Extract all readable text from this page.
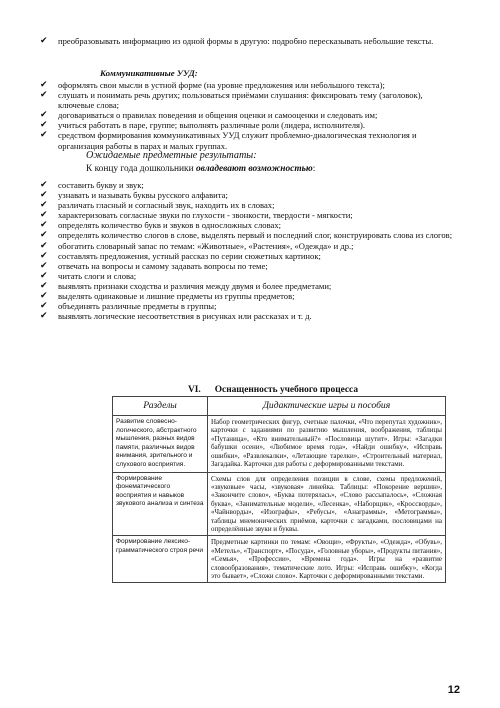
✔ преобразовывать информацию из одной формы в другую: подробно пересказывать небольшие тексты.
Коммуникативные УУД:
✔ оформлять свои мысли в устной форме (на уровне предложения или небольшого текста);
✔ слушать и понимать речь других; пользоваться приёмами слушания: фиксировать тему (заголовок), ключевые слова;
✔ договариваться о правилах поведения и общения оценки и самооценки и следовать им;
✔ учиться работать в паре, группе; выполнять различные роли (лидера, исполнителя).
✔ средством формирования коммуникативных УУД служит проблемно-диалогическая технология и организация работы в парах и малых группах.
Ожидаемые предметные результаты:
К концу года дошкольники овладевают возможностью:
✔ составить букву и звук;
✔ узнавать и называть буквы русского алфавита;
✔ различать гласный и согласный звук, находить их в словах;
✔ характеризовать согласные звуки по глухости - звонкости, твердости - мягкости;
✔ определять количество букв и звуков в односложных словах;
✔ определять количество слогов в слове, выделять первый и последний слог, конструировать слова из слогов;
✔ обогатить словарный запас по темам: «Животные», «Растения», «Одежда» и др.;
✔ составлять предложения, устный рассказ по серии сюжетных картинок;
✔ отвечать на вопросы и самому задавать вопросы по теме;
✔ читать слоги и слова;
✔ выявлять признаки сходства и различия между двумя и более предметами;
✔ выделять одинаковые и лишние предметы из группы предметов;
✔ объединять различные предметы в группы;
✔ выявлять логические несоответствия в рисунках или рассказах и т. д.
VI. Оснащенность учебного процесса
Разделы	Дидактические игры и пособия
Развитие словесно-логического, абстрактного мышления, разных видов памяти, различных видов внимания, зрительного и слухового восприятия.	Набор геометрических фигур, счетные палочки, «Что перепутал художник», карточки с заданиями по развитию мышления, воображения, таблицы «Путаница», «Кто внимательный?» «Пословица шутит». Игры: «Загадки бабушки осени», «Любимое время года», «Найди ошибку», «Исправь ошибки», «Развлекалки», «Летающие тарелки», «Строительный материал, Загадайка. Карточки для работы с деформированными текстами.
Формирование фонематического восприятия и навыков звукового анализа и синтеза	Схемы слов для определения позиции в слове, схемы предложений, «звуковые» часы, «звуковая» линейка. Таблицы: «Покорение вершин», «Закончите слово», «Буква потерялась», «Слово рассыпалось», «Сложная буква», «Занимательные модели», «Лесенка», «Наборщик», «Кроссворды», «Чайнворды», «Изографы», «Ребусы», «Анаграммы», «Метограммы», таблицы мнемонических приёмов, карточки с загадками, пословицами на определённые звуки и буквы.
Формирование лексико-грамматического строя речи	Предметные картинки по темам: «Овощи», «Фрукты», «Одежда», «Обувь», «Метель», «Транспорт», «Посуда», «Головные уборы», «Продукты питания», «Семья», «Профессии», «Времена года». Игры на «развитие словообразования», тематические лото. Игры: «Исправь ошибку», «Когда это бывает», «Сложи слово». Карточки с деформированными текстами.
12
